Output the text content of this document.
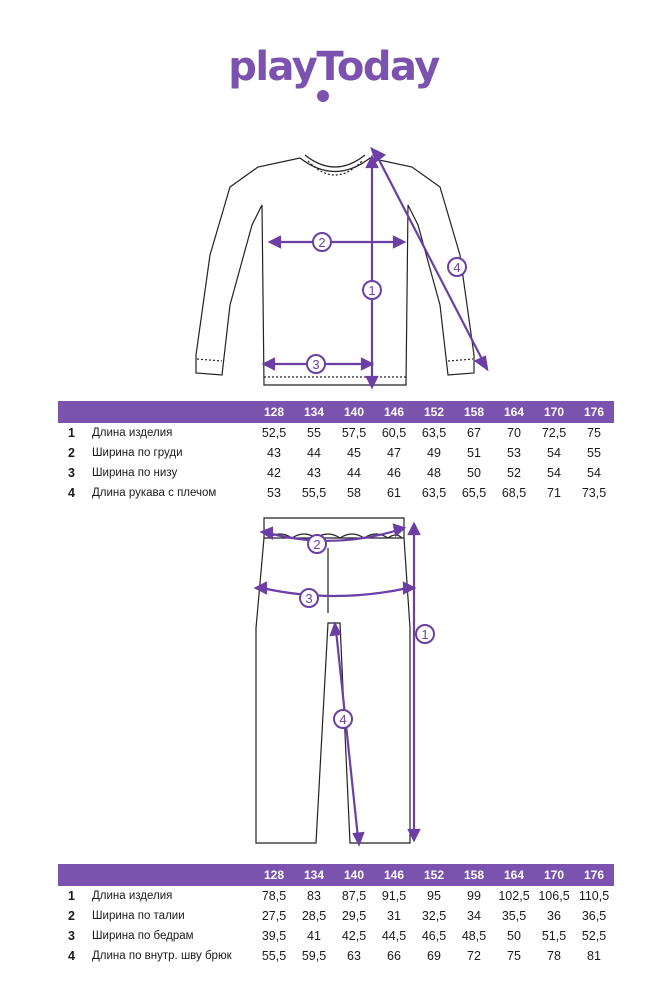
playToday
1
2
3
4
		128	134	140	146	152	158	164	170	176
1	Длина изделия	52,5	55	57,5	60,5	63,5	67	70	72,5	75
2	Ширина по груди	43	44	45	47	49	51	53	54	55
3	Ширина по низу	42	43	44	46	48	50	52	54	54
4	Длина рукава с плечом	53	55,5	58	61	63,5	65,5	68,5	71	73,5
1
2
3
4
		128	134	140	146	152	158	164	170	176
1	Длина изделия	78,5	83	87,5	91,5	95	99	102,5	106,5	110,5
2	Ширина по талии	27,5	28,5	29,5	31	32,5	34	35,5	36	36,5
3	Ширина по бедрам	39,5	41	42,5	44,5	46,5	48,5	50	51,5	52,5
4	Длина по внутр. шву брюк	55,5	59,5	63	66	69	72	75	78	81
